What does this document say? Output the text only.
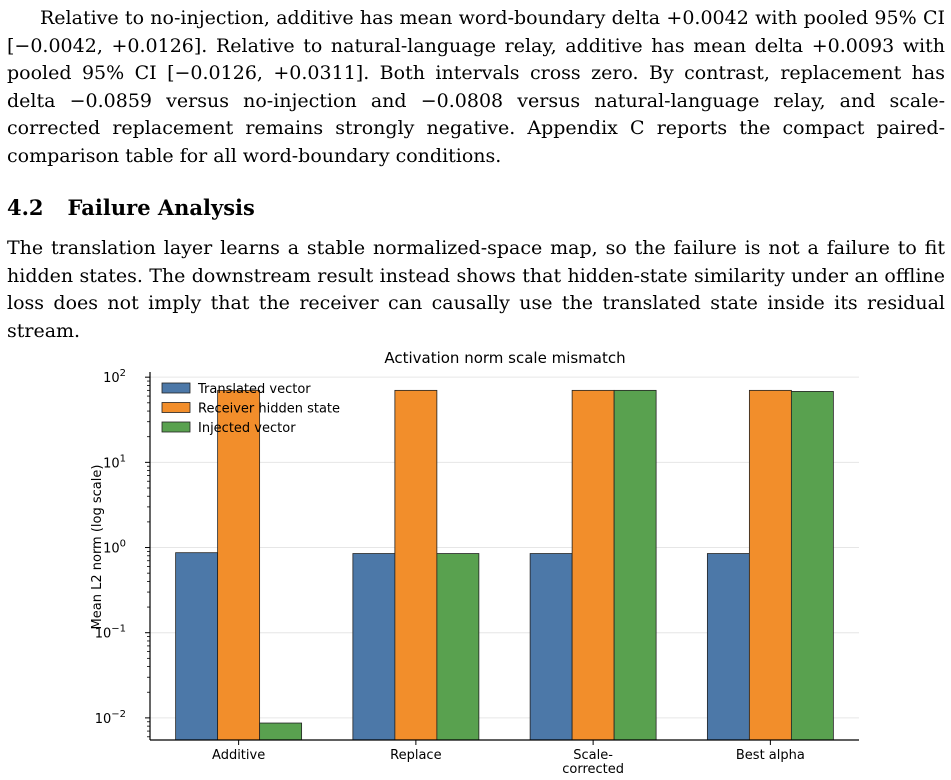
Relative to no-injection, additive has mean word-boundary delta +0.0042 with pooled 95% CI [−0.0042, +0.0126]. Relative to natural-language relay, additive has mean delta +0.0093 with pooled 95% CI [−0.0126, +0.0311]. Both intervals cross zero. By contrast, replacement has delta −0.0859 versus no-injection and −0.0808 versus natural-language relay, and scale-corrected replacement remains strongly negative. Appendix C reports the compact paired-comparison table for all word-boundary conditions.

4.2 Failure Analysis

The translation layer learns a stable normalized-space map, so the failure is not a failure to fit hidden states. The downstream result instead shows that hidden-state similarity under an offline loss does not imply that the receiver can causally use the translated state inside its residual stream.

$10^{-2}$
$10^{-1}$
$10^0$
$10^1$
$10^2$
Additive	Replace	Scale-
corrected
Best alpha
Activation norm scale mismatch
Mean L2 norm (log scale)
Translated vector
Receiver hidden state
Injected vector
